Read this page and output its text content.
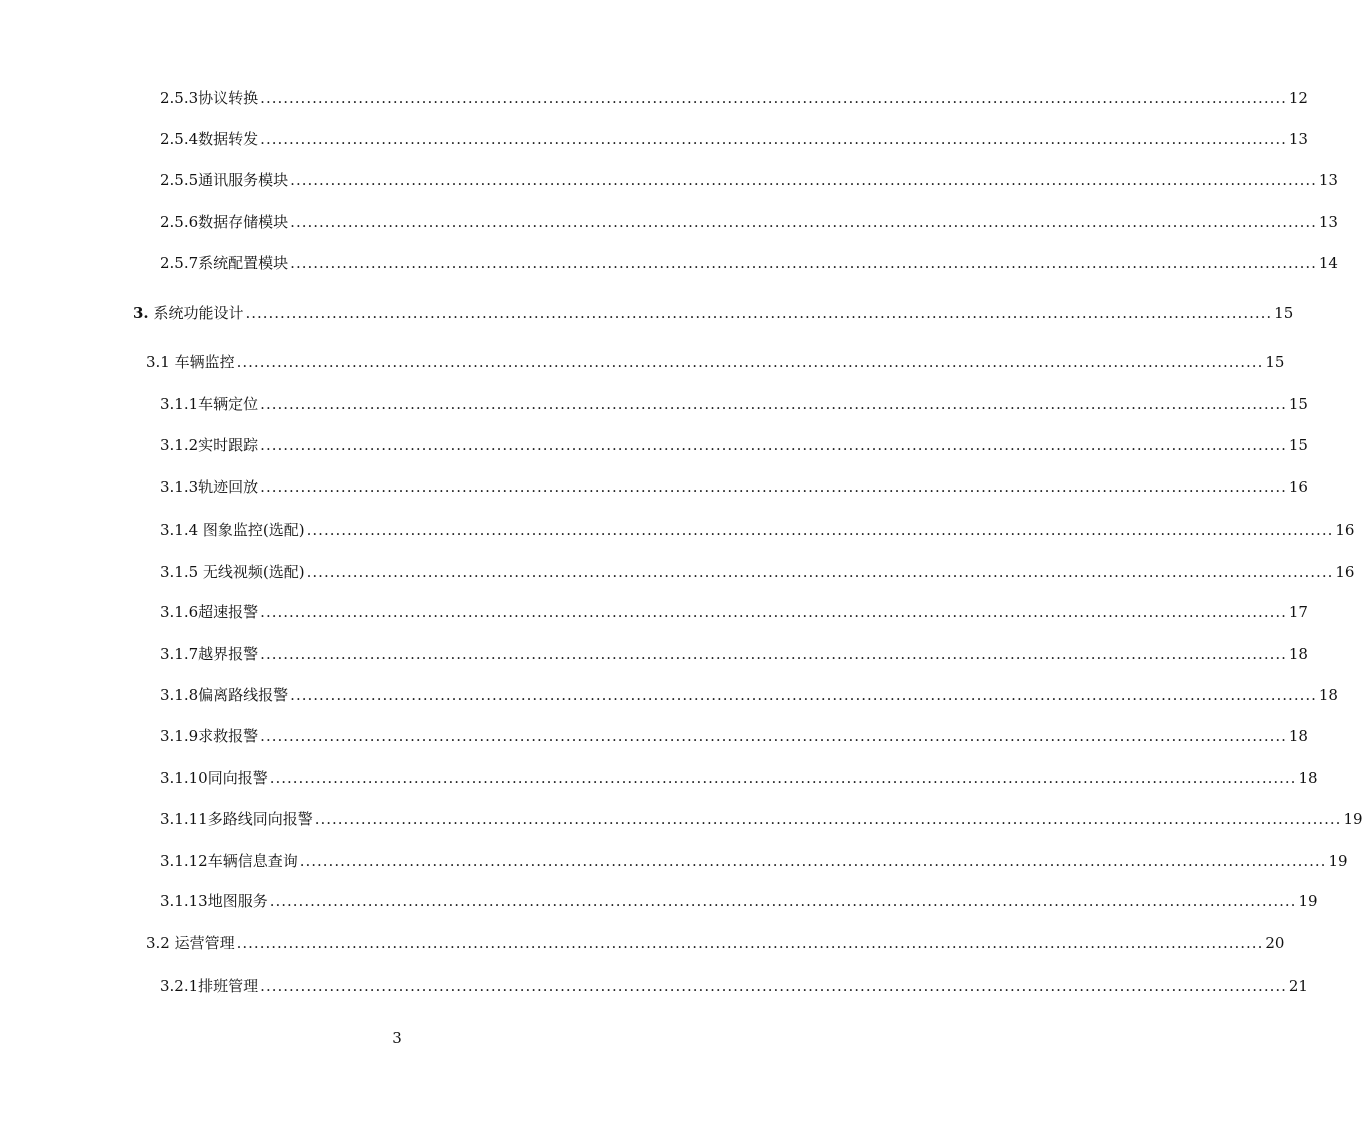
2.5.3协议转换 .................................................................................................................................................................................. 12
2.5.4数据转发 .................................................................................................................................................................................. 13
2.5.5通讯服务模块 .................................................................................................................................................................................. 13
2.5.6数据存储模块 .................................................................................................................................................................................. 13
2.5.7系统配置模块 .................................................................................................................................................................................. 14
3. 系统功能设计 .................................................................................................................................................................................. 15
3.1 车辆监控 .................................................................................................................................................................................. 15
3.1.1车辆定位 .................................................................................................................................................................................. 15
3.1.2实时跟踪 .................................................................................................................................................................................. 15
3.1.3轨迹回放 .................................................................................................................................................................................. 16
3.1.4 图象监控(选配) .................................................................................................................................................................................. 16
3.1.5 无线视频(选配) .................................................................................................................................................................................. 16
3.1.6超速报警 .................................................................................................................................................................................. 17
3.1.7越界报警 .................................................................................................................................................................................. 18
3.1.8偏离路线报警 .................................................................................................................................................................................. 18
3.1.9求救报警 .................................................................................................................................................................................. 18
3.1.10同向报警 .................................................................................................................................................................................. 18
3.1.11多路线同向报警 .................................................................................................................................................................................. 19
3.1.12车辆信息查询 .................................................................................................................................................................................. 19
3.1.13地图服务 .................................................................................................................................................................................. 19
3.2 运营管理 .................................................................................................................................................................................. 20
3.2.1排班管理 .................................................................................................................................................................................. 21
3
